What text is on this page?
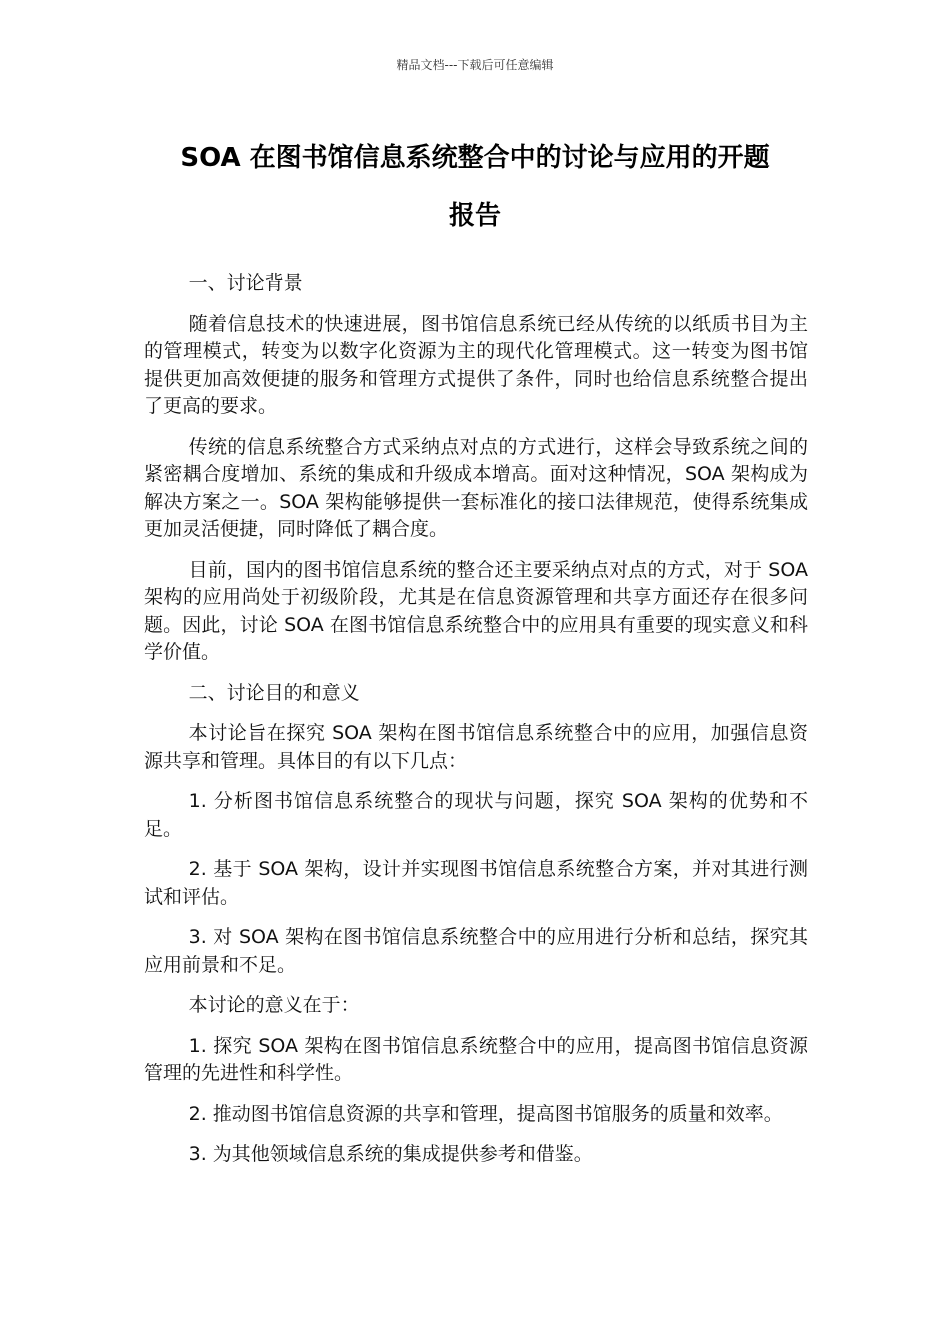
精品文档---下载后可任意编辑
SOA 在图书馆信息系统整合中的讨论与应用的开题
报告

一、讨论背景

随着信息技术的快速进展，图书馆信息系统已经从传统的以纸质书目为主的管理模式，转变为以数字化资源为主的现代化管理模式。这一转变为图书馆提供更加高效便捷的服务和管理方式提供了条件，同时也给信息系统整合提出了更高的要求。

传统的信息系统整合方式采纳点对点的方式进行，这样会导致系统之间的紧密耦合度增加、系统的集成和升级成本增高。面对这种情况，SOA 架构成为解决方案之一。SOA 架构能够提供一套标准化的接口法律规范，使得系统集成更加灵活便捷，同时降低了耦合度。

目前，国内的图书馆信息系统的整合还主要采纳点对点的方式，对于 SOA 架构的应用尚处于初级阶段，尤其是在信息资源管理和共享方面还存在很多问题。因此，讨论 SOA 在图书馆信息系统整合中的应用具有重要的现实意义和科学价值。

二、讨论目的和意义

本讨论旨在探究 SOA 架构在图书馆信息系统整合中的应用，加强信息资源共享和管理。具体目的有以下几点：

1. 分析图书馆信息系统整合的现状与问题，探究 SOA 架构的优势和不足。

2. 基于 SOA 架构，设计并实现图书馆信息系统整合方案，并对其进行测试和评估。

3. 对 SOA 架构在图书馆信息系统整合中的应用进行分析和总结，探究其应用前景和不足。

本讨论的意义在于：

1. 探究 SOA 架构在图书馆信息系统整合中的应用，提高图书馆信息资源管理的先进性和科学性。

2. 推动图书馆信息资源的共享和管理，提高图书馆服务的质量和效率。

3. 为其他领域信息系统的集成提供参考和借鉴。
